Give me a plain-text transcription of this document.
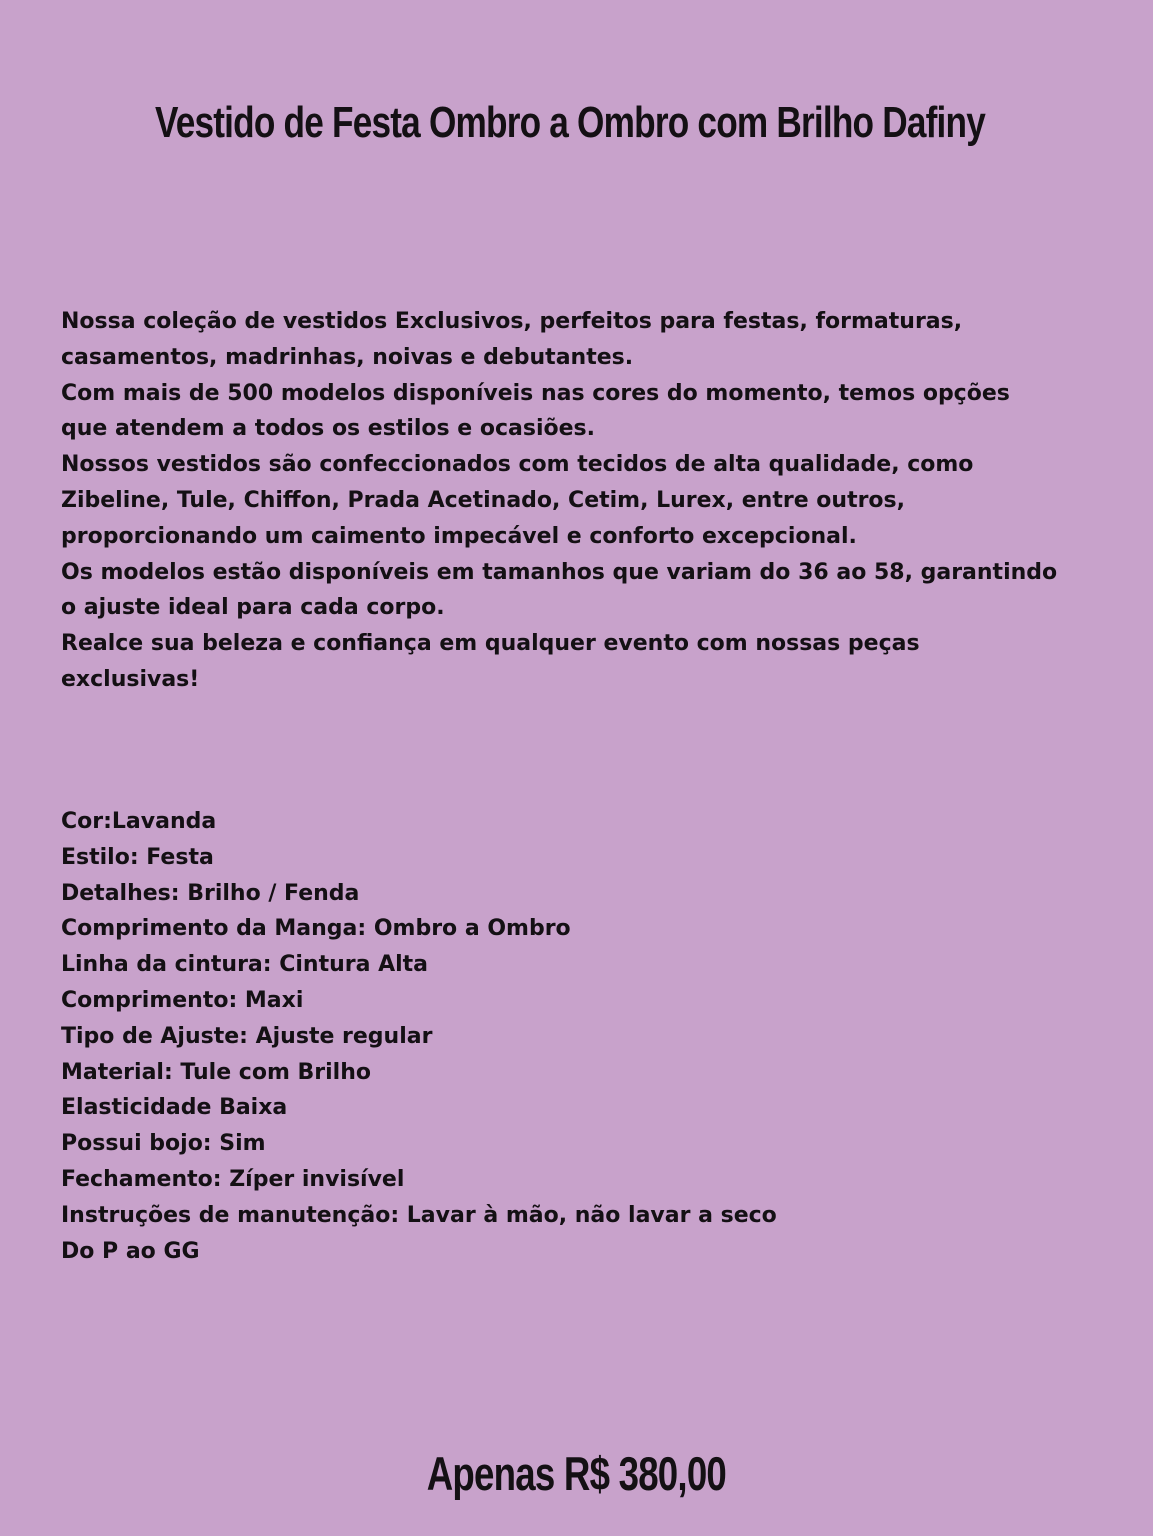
Vestido de Festa Ombro a Ombro com Brilho Dafiny

Nossa coleção de vestidos Exclusivos, perfeitos para festas, formaturas, casamentos, madrinhas, noivas e debutantes.

Com mais de 500 modelos disponíveis nas cores do momento, temos opções que atendem a todos os estilos e ocasiões.

Nossos vestidos são confeccionados com tecidos de alta qualidade, como Zibeline, Tule, Chiffon, Prada Acetinado, Cetim, Lurex, entre outros, proporcionando um caimento impecável e conforto excepcional.

Os modelos estão disponíveis em tamanhos que variam do 36 ao 58, garantindo o ajuste ideal para cada corpo.

Realce sua beleza e confiança em qualquer evento com nossas peças exclusivas!

Cor:Lavanda

Estilo: Festa

Detalhes: Brilho / Fenda

Comprimento da Manga: Ombro a Ombro

Linha da cintura: Cintura Alta

Comprimento: Maxi

Tipo de Ajuste: Ajuste regular

Material: Tule com Brilho

Elasticidade Baixa

Possui bojo: Sim

Fechamento: Zíper invisível

Instruções de manutenção: Lavar à mão, não lavar a seco

Do P ao GG

Apenas R$ 380,00
